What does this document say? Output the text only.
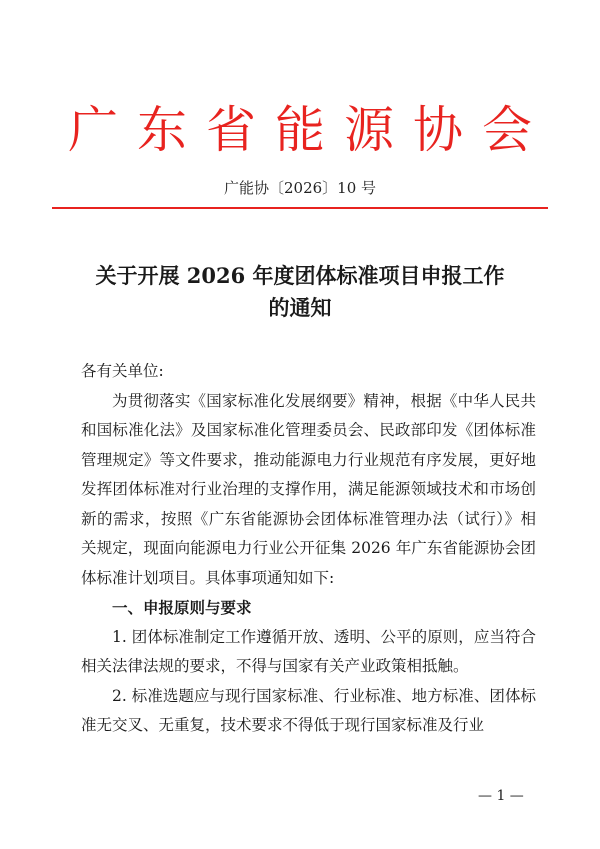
广东省能源协会
广能协〔2026〕10 号
关于开展 2026 年度团体标准项目申报工作
的通知

各有关单位:

为贯彻落实《国家标准化发展纲要》精神，根据《中华人民共和国标准化法》及国家标准化管理委员会、民政部印发《团体标准管理规定》等文件要求，推动能源电力行业规范有序发展，更好地发挥团体标准对行业治理的支撑作用，满足能源领域技术和市场创新的需求，按照《广东省能源协会团体标准管理办法（试行）》相关规定，现面向能源电力行业公开征集 2026 年广东省能源协会团体标准计划项目。具体事项通知如下:

一、申报原则与要求

1. 团体标准制定工作遵循开放、透明、公平的原则，应当符合相关法律法规的要求，不得与国家有关产业政策相抵触。

2. 标准选题应与现行国家标准、行业标准、地方标准、团体标准无交叉、无重复，技术要求不得低于现行国家标准及行业

— 1 —
